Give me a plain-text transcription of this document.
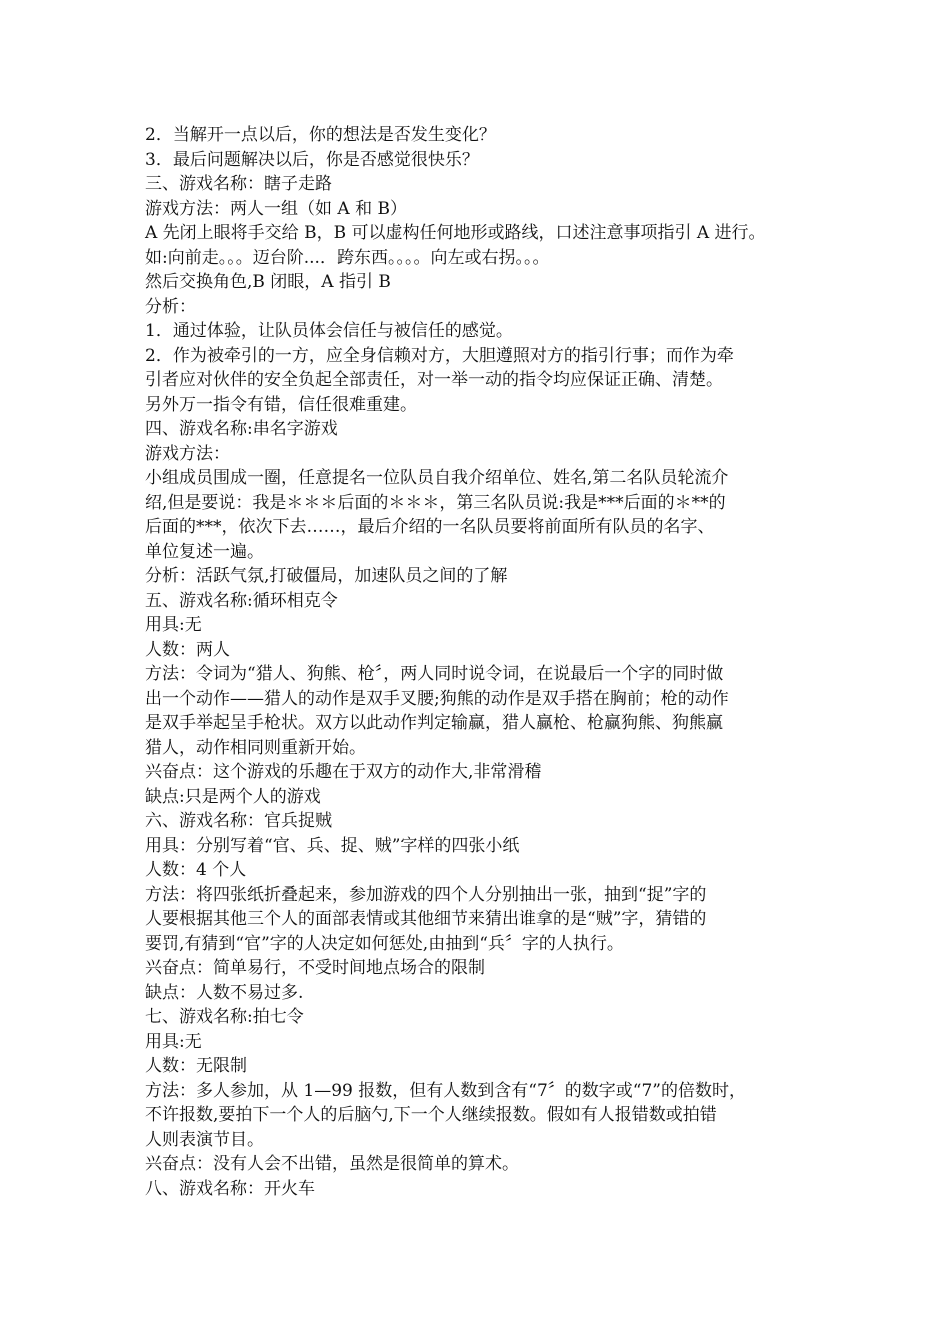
2．当解开一点以后，你的想法是否发生变化？
3．最后问题解决以后，你是否感觉很快乐？
三、游戏名称：瞎子走路
游戏方法：两人一组（如 A 和 B）
A 先闭上眼将手交给 B，B 可以虚构任何地形或路线，口述注意事项指引 A 进行。
如:向前走。。。迈台阶...．跨东西。。。。向左或右拐。。。
然后交换角色,B 闭眼，A 指引 B
分析：
1．通过体验，让队员体会信任与被信任的感觉。
2．作为被牵引的一方，应全身信赖对方，大胆遵照对方的指引行事；而作为牵
引者应对伙伴的安全负起全部责任，对一举一动的指令均应保证正确、清楚。
另外万一指令有错，信任很难重建。
四、游戏名称:串名字游戏
游戏方法：
小组成员围成一圈，任意提名一位队员自我介绍单位、姓名,第二名队员轮流介
绍,但是要说：我是＊＊＊后面的＊＊＊，第三名队员说:我是***后面的＊**的
后面的***，依次下去……，最后介绍的一名队员要将前面所有队员的名字、
单位复述一遍。
分析：活跃气氛,打破僵局，加速队员之间的了解
五、游戏名称:循环相克令
用具:无
人数：两人
方法：令词为“猎人、狗熊、枪〞，两人同时说令词，在说最后一个字的同时做
出一个动作——猎人的动作是双手叉腰;狗熊的动作是双手搭在胸前；枪的动作
是双手举起呈手枪状。双方以此动作判定输赢，猎人赢枪、枪赢狗熊、狗熊赢
猎人，动作相同则重新开始。
兴奋点：这个游戏的乐趣在于双方的动作大,非常滑稽
缺点:只是两个人的游戏
六、游戏名称：官兵捉贼
用具：分别写着“官、兵、捉、贼”字样的四张小纸
人数：4 个人
方法：将四张纸折叠起来，参加游戏的四个人分别抽出一张，抽到“捉”字的
人要根据其他三个人的面部表情或其他细节来猜出谁拿的是“贼”字，猜错的
要罚,有猜到“官”字的人决定如何惩处,由抽到“兵〞字的人执行。
兴奋点：简单易行，不受时间地点场合的限制
缺点：人数不易过多.
七、游戏名称:拍七令
用具:无
人数：无限制
方法：多人参加，从 1—99 报数，但有人数到含有“7〞的数字或“7”的倍数时，
不许报数,要拍下一个人的后脑勺,下一个人继续报数。假如有人报错数或拍错
人则表演节目。
兴奋点：没有人会不出错，虽然是很简单的算术。
八、游戏名称：开火车
